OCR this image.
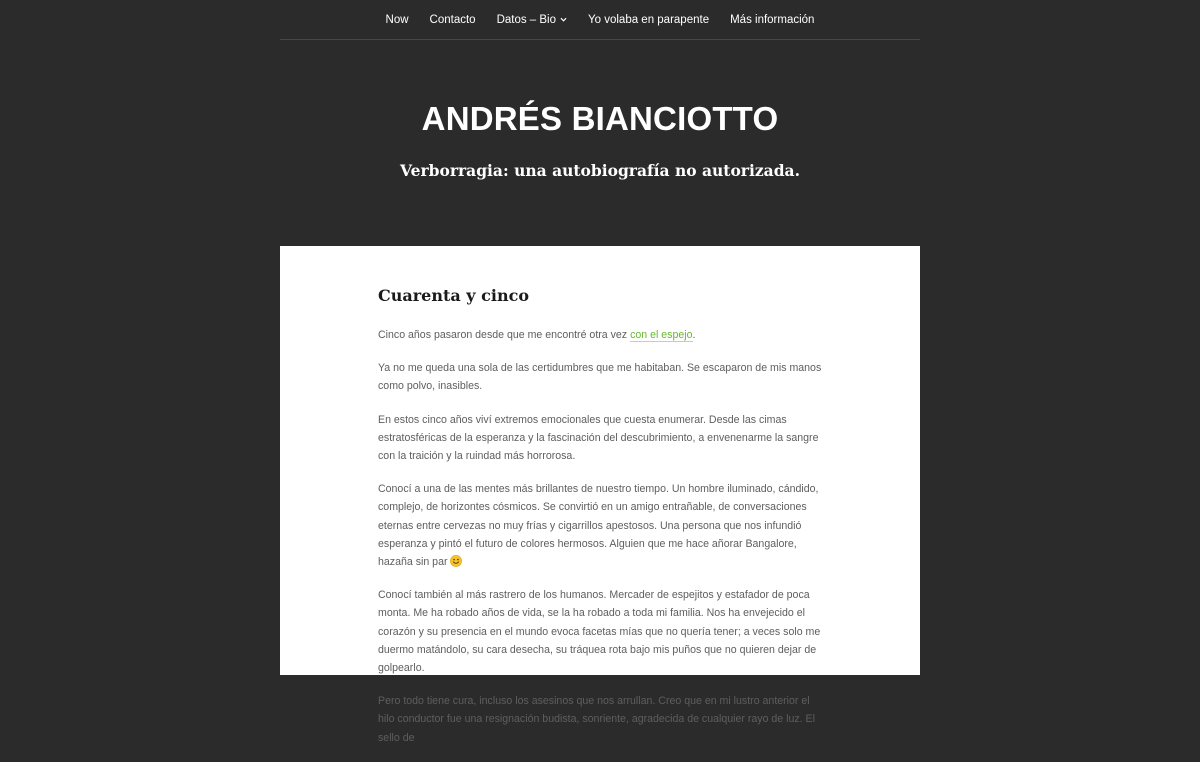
Now Contacto Datos – Bio	Yo volaba en parapente Más información
ANDRÉS BIANCIOTTO
Verborragia: una autobiografía no autorizada.
Cuarenta y cinco

Cinco años pasaron desde que me encontré otra vez con el espejo.

Ya no me queda una sola de las certidumbres que me habitaban. Se escaparon de mis manos como polvo, inasibles.

En estos cinco años viví extremos emocionales que cuesta enumerar. Desde las cimas estratosféricas de la esperanza y la fascinación del descubrimiento, a envenenarme la sangre con la traición y la ruindad más horrorosa.

Conocí a una de las mentes más brillantes de nuestro tiempo. Un hombre iluminado, cándido, complejo, de horizontes cósmicos. Se convirtió en un amigo entrañable, de conversaciones eternas entre cervezas no muy frías y cigarrillos apestosos. Una persona que nos infundió esperanza y pintó el futuro de colores hermosos. Alguien que me hace añorar Bangalore, hazaña sin par

Conocí también al más rastrero de los humanos. Mercader de espejitos y estafador de poca monta. Me ha robado años de vida, se la ha robado a toda mi familia. Nos ha envejecido el corazón y su presencia en el mundo evoca facetas mías que no quería tener; a veces solo me duermo matándolo, su cara desecha, su tráquea rota bajo mis puños que no quieren dejar de golpearlo.

Pero todo tiene cura, incluso los asesinos que nos arrullan. Creo que en mi lustro anterior el hilo conductor fue una resignación budista, sonriente, agradecida de cualquier rayo de luz. El sello de
